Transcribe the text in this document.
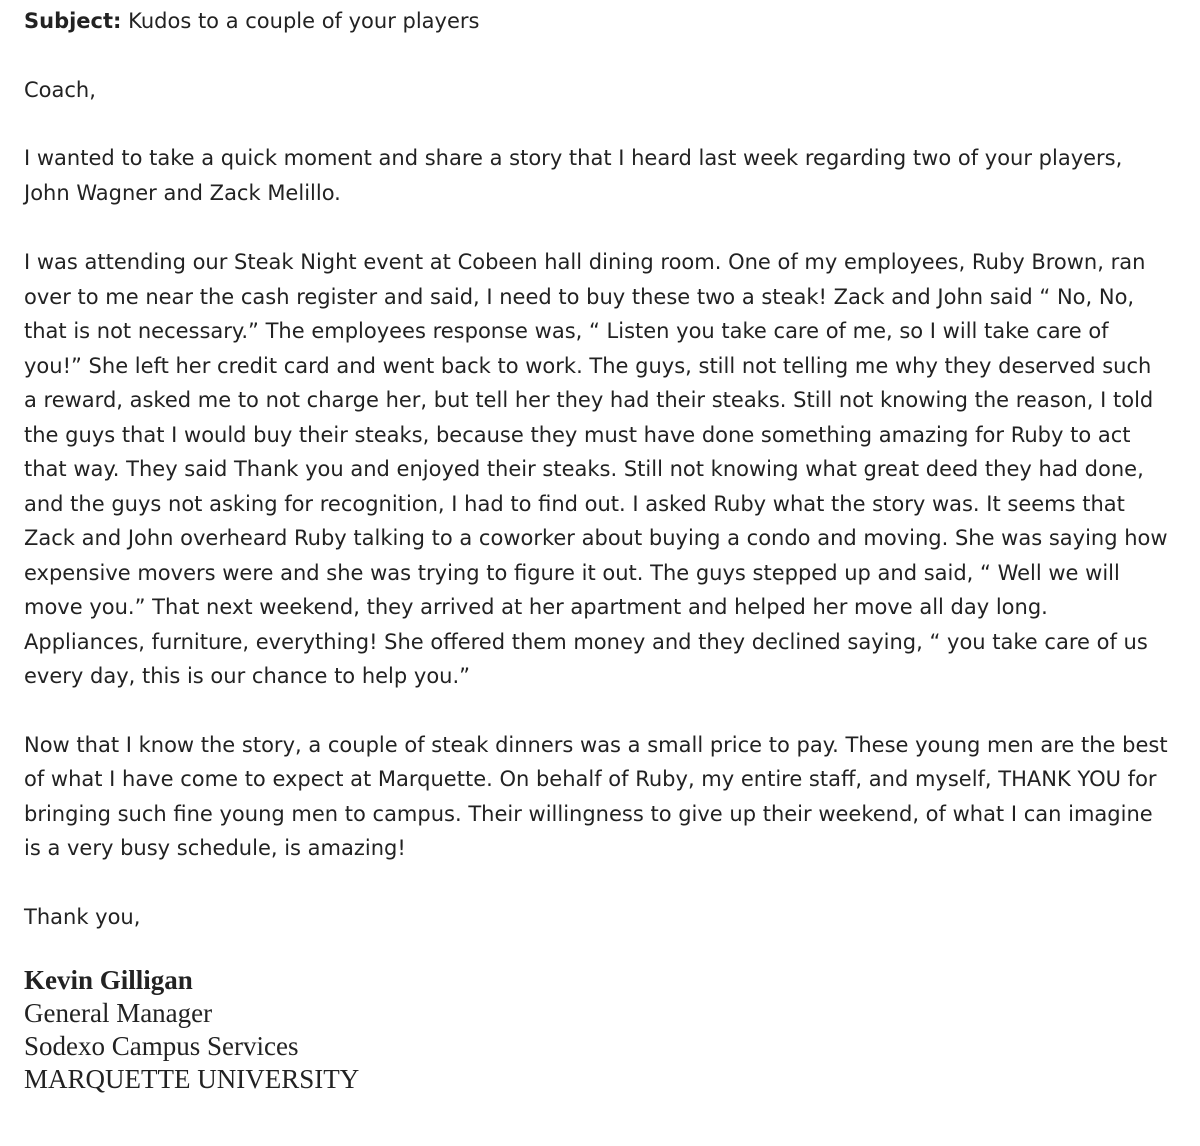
Subject: Kudos to a couple of your players

Coach,

I wanted to take a quick moment and share a story that I heard last week regarding two of your players, John Wagner and Zack Melillo.

I was attending our Steak Night event at Cobeen hall dining room. One of my employees, Ruby Brown, ran over to me near the cash register and said, I need to buy these two a steak! Zack and John said “ No, No, that is not necessary.” The employees response was, “ Listen you take care of me, so I will take care of you!” She left her credit card and went back to work. The guys, still not telling me why they deserved such a reward, asked me to not charge her, but tell her they had their steaks. Still not knowing the reason, I told the guys that I would buy their steaks, because they must have done something amazing for Ruby to act that way. They said Thank you and enjoyed their steaks. Still not knowing what great deed they had done, and the guys not asking for recognition, I had to find out. I asked Ruby what the story was. It seems that Zack and John overheard Ruby talking to a coworker about buying a condo and moving. She was saying how expensive movers were and she was trying to figure it out. The guys stepped up and said, “ Well we will move you.” That next weekend, they arrived at her apartment and helped her move all day long. Appliances, furniture, everything! She offered them money and they declined saying, “ you take care of us every day, this is our chance to help you.”

Now that I know the story, a couple of steak dinners was a small price to pay. These young men are the best of what I have come to expect at Marquette. On behalf of Ruby, my entire staff, and myself, THANK YOU for bringing such fine young men to campus. Their willingness to give up their weekend, of what I can imagine is a very busy schedule, is amazing!

Thank you,

Kevin Gilligan
General Manager
Sodexo Campus Services
MARQUETTE UNIVERSITY
